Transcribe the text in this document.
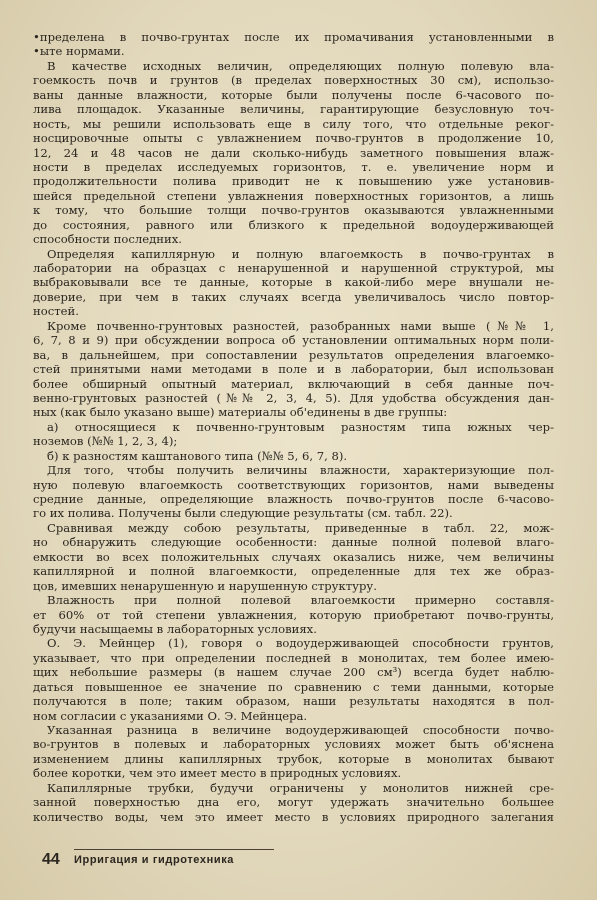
•пределена в почво-грунтах после их промачивания установленными в
•ыте нормами.
В качестве исходных величин, определяющих полную полевую вла-
гоемкость почв и грунтов (в пределах поверхностных 30 см), использо-
ваны данные влажности, которые были получены после 6-часового по-
лива площадок. Указанные величины, гарантирующие безусловную точ-
ность, мы решили использовать еще в силу того, что отдельные реког-
носцировочные опыты с увлажнением почво-грунтов в продолжение 10,
12, 24 и 48 часов не дали сколько-нибудь заметного повышения влаж-
ности в пределах исследуемых горизонтов, т. е. увеличение норм и
продолжительности полива приводит не к повышению уже установив-
шейся предельной степени увлажнения поверхностных горизонтов, а лишь
к тому, что большие толщи почво-грунтов оказываются увлажненными
до состояния, равного или близкого к предельной водоудерживающей
способности последних.
Определяя капиллярную и полную влагоемкость в почво-грунтах в
лаборатории на образцах с ненарушенной и нарушенной структурой, мы
выбраковывали все те данные, которые в какой-либо мере внушали не-
доверие, при чем в таких случаях всегда увеличивалось число повтор-
ностей.
Кроме почвенно-грунтовых разностей, разобранных нами выше (№№ 1,
6, 7, 8 и 9) при обсуждении вопроса об установлении оптимальных норм поли-
ва, в дальнейшем, при сопоставлении результатов определения влагоемко-
стей принятыми нами методами в поле и в лаборатории, был использован
более обширный опытный материал, включающий в себя данные поч-
венно-грунтовых разностей (№№ 2, 3, 4, 5). Для удобства обсуждения дан-
ных (как было указано выше) материалы об'единены в две группы:
а) относящиеся к почвенно-грунтовым разностям типа южных чер-
ноземов (№№ 1, 2, 3, 4);
б) к разностям каштанового типа (№№ 5, 6, 7, 8).
Для того, чтобы получить величины влажности, характеризующие пол-
ную полевую влагоемкость соответствующих горизонтов, нами выведены
средние данные, определяющие влажность почво-грунтов после 6-часово-
го их полива. Получены были следующие результаты (см. табл. 22).
Сравнивая между собою результаты, приведенные в табл. 22, мож-
но обнаружить следующие особенности: данные полной полевой влаго-
емкости во всех положительных случаях оказались ниже, чем величины
капиллярной и полной влагоемкости, определенные для тех же образ-
цов, имевших ненарушенную и нарушенную структуру.
Влажность при полной полевой влагоемкости примерно составля-
ет 60% от той степени увлажнения, которую приобретают почво-грунты,
будучи насыщаемы в лабораторных условиях.
О. Э. Мейнцер (1), говоря о водоудерживающей способности грунтов,
указывает, что при определении последней в монолитах, тем более имею-
щих небольшие размеры (в нашем случае 200 см³) всегда будет наблю-
даться повышенное ее значение по сравнению с теми данными, которые
получаются в поле; таким образом, наши результаты находятся в пол-
ном согласии с указаниями О. Э. Мейнцера.
Указанная разница в величине водоудерживающей способности почво-
во-грунтов в полевых и лабораторных условиях может быть об'яснена
изменением длины капиллярных трубок, которые в монолитах бывают
более коротки, чем это имеет место в природных условиях.
Капиллярные трубки, будучи ограничены у монолитов нижней сре-
занной поверхностью дна его, могут удержать значительно большее
количество воды, чем это имеет место в условиях природного залегания
44 Ирригация и гидротехника
